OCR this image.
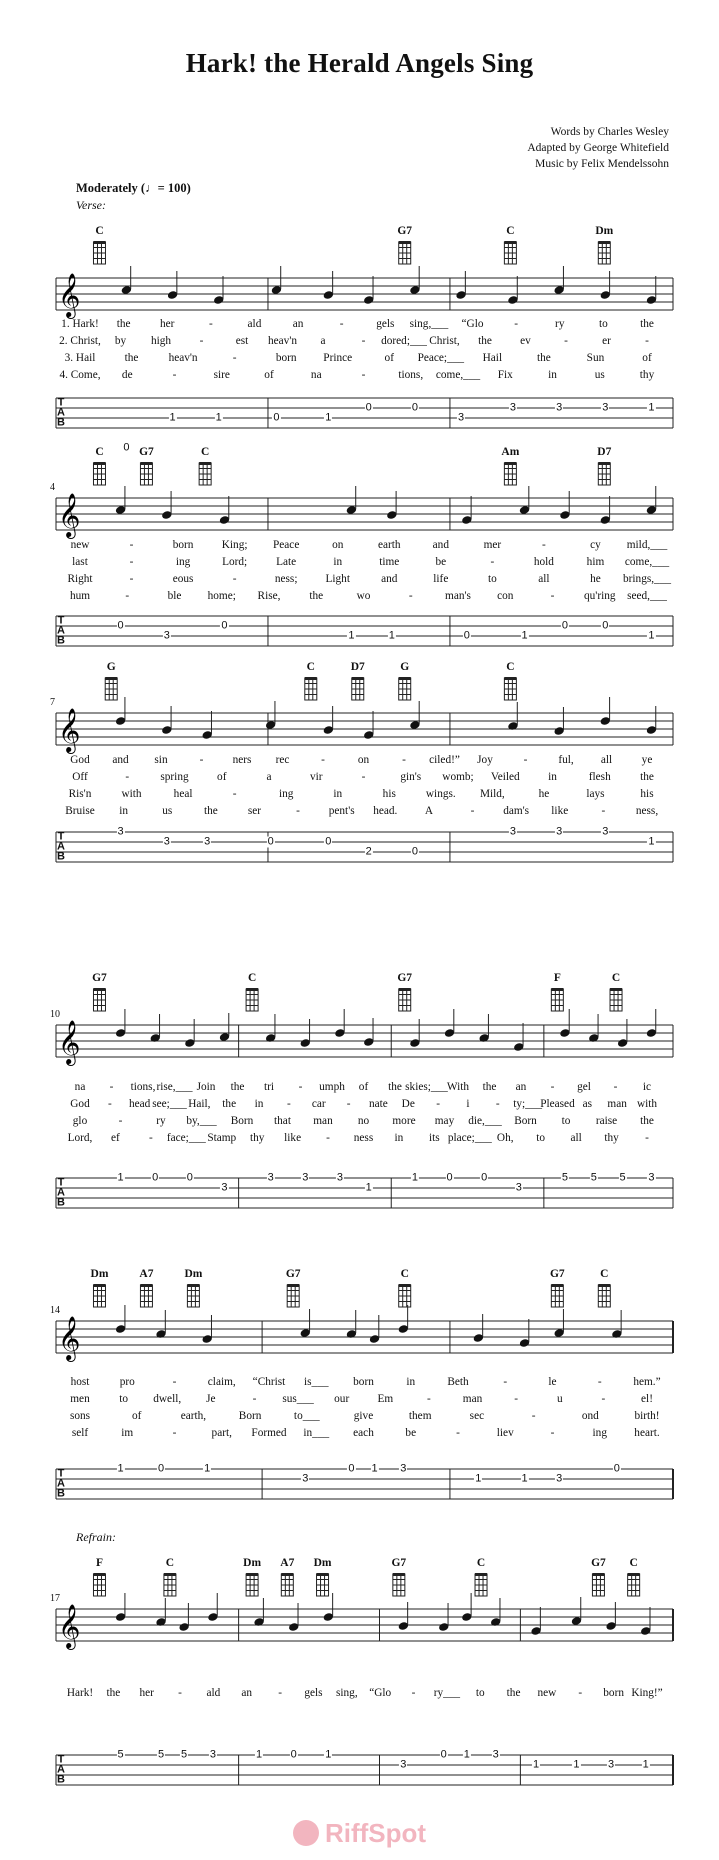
Hark! the Herald Angels Sing
Words by Charles Wesley
Adapted by George Whitefield
Music by Felix Mendelssohn
Moderately (♩= 100)
Verse:
Refrain:
𝄞
𝄞
𝄞
𝄞
𝄞
𝄞
C	G7	C	Dm
1. Hark! the	her	-	ald	an	-	gels sing,___ “Glo	-	ry	to	the
2. Christ, by high	-	est heav'n a	- dored;___ Christ, the	ev	-	er	-
3. Hail	the	heav'n	-	born Prince	of Peace;___ Hail	the	Sun	of
4. Come, de	-	sire	of	na	-	tions, come,___ Fix	in	us	thy
T
A
B
0
1	1	0	1
0	0
3
3	3	3	1
4
C	G7	C	Am	D7
new	-	born	King; Peace	on	earth	and	mer	-	cy mild,___
last	-	ing	Lord;	Late	in	time	be	-	hold	him come,___
Right	-	eous	-	ness; Light	and	life	to	all	he brings,___
hum	-	ble home; Rise,	the	wo	-	man's con	-	qu'ring seed,___
T
A
B
0
3
0
1	1	0	1
0	0
1
7
G	C	D7	G	C
God and sin	-	ners rec	-	on	- ciled!” Joy	-	ful, all	ye
Off	-	spring	of	a	vir	-	gin's womb; Veiled	in	flesh	the
Ris'n	with	heal	-	ing	in	his	wings. Mild,	he	lays	his
Bruise in	us	the	ser	-	pent's head. A	-	dam's like	-	ness,
T
A
B
3
3	3	0	0
2	0
3	3	3
1
10
G7	C	G7	F	C
na - tions, rise,___ Join the tri - umph of the skies;___ With the an - gel - ic
God - head see;___ Hail, the in - car - nate De - i - ty;___
Pleased as man with
glo	-	ry by,___ Born that man no more may die,___ Born to raise the
Lord, ef	- face;___ Stamp thy like - ness in its place;___ Oh, to all thy -
T
A
B
1	0	0
3
3	3	3
1
1	0	0
3
5 5 5 3
14
Dm	A7	Dm	G7	C	G7	C
host	pro	-	claim, “Christ is___ born	in	Beth	-	le	-	hem.”
men	to dwell, Je	- sus___ our Em	-	man	-	u	-	el!
sons	of	earth,	Born	to___	give	them	sec	-	ond	birth!
self	im	-	part, Formed in___ each	be	-	liev	-	ing heart.
T
A
B
1	0	1
3
0 1 3
1	1	3
0
17
F	C	Dm A7 Dm	G7	C	G7 C
Hark! the her - ald an - gels sing, “Glo - ry___ to the new - born King!”
T
A
B
5	5 5 3	1	0	1
3
0 1 3
1	1	3	1
RiffSpot
